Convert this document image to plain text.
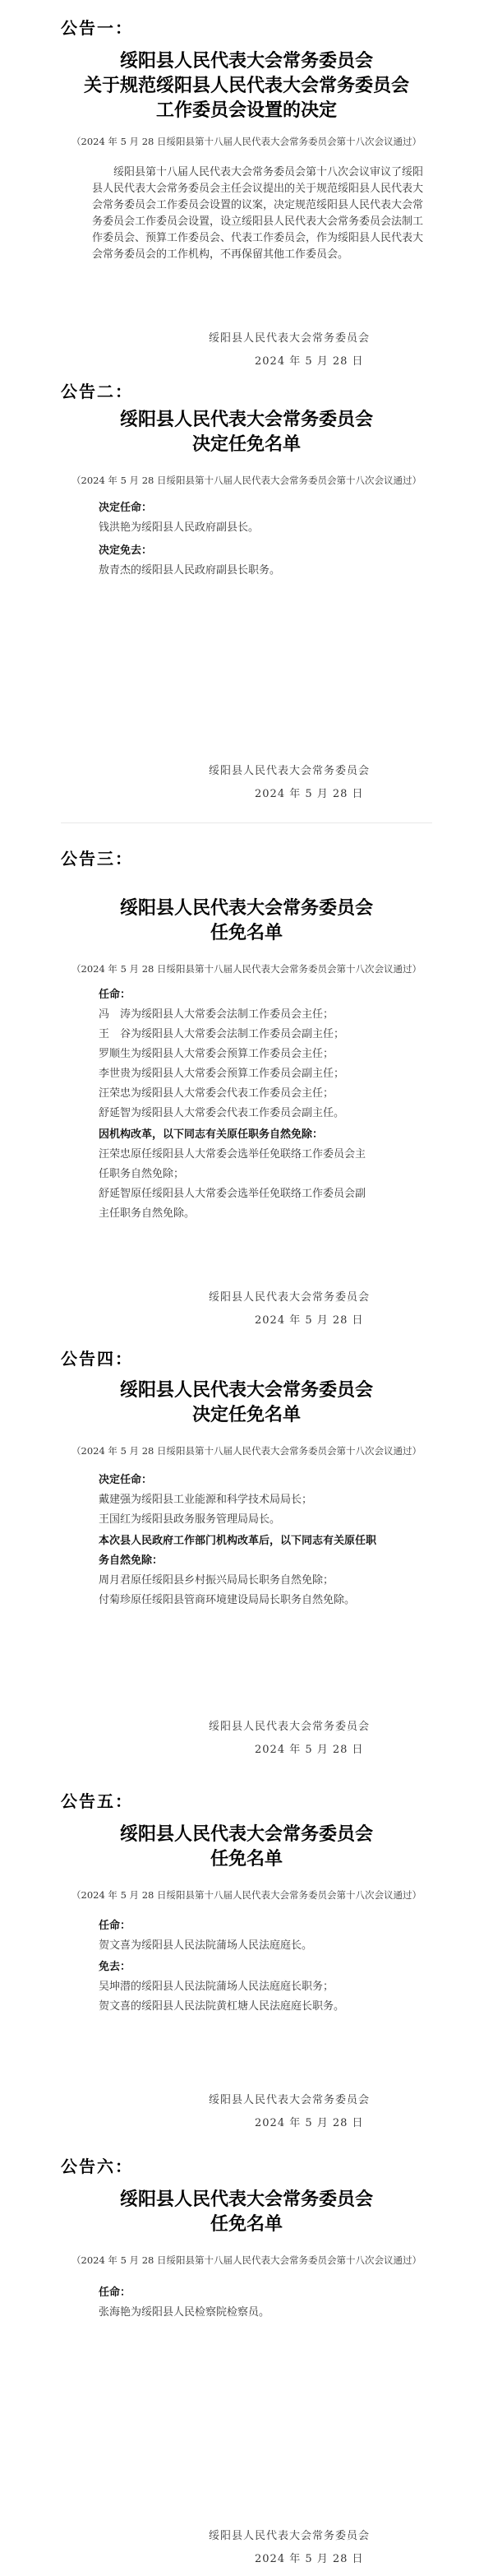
公告一：
绥阳县人民代表大会常务委员会
关于规范绥阳县人民代表大会常务委员会
工作委员会设置的决定
（2024 年 5 月 28 日绥阳县第十八届人民代表大会常务委员会第十八次会议通过）

绥阳县第十八届人民代表大会常务委员会第十八次会议审议了绥阳县人民代表大会常务委员会主任会议提出的关于规范绥阳县人民代表大会常务委员会工作委员会设置的议案，决定规范绥阳县人民代表大会常务委员会工作委员会设置，设立绥阳县人民代表大会常务委员会法制工作委员会、预算工作委员会、代表工作委员会，作为绥阳县人民代表大会常务委员会的工作机构，不再保留其他工作委员会。

绥阳县人民代表大会常务委员会
2024 年 5 月 28 日
公告二：
绥阳县人民代表大会常务委员会
决定任免名单
（2024 年 5 月 28 日绥阳县第十八届人民代表大会常务委员会第十八次会议通过）
决定任命：
钱洪艳为绥阳县人民政府副县长。
决定免去：
敖青杰的绥阳县人民政府副县长职务。
绥阳县人民代表大会常务委员会
2024 年 5 月 28 日
公告三：
绥阳县人民代表大会常务委员会
任免名单
（2024 年 5 月 28 日绥阳县第十八届人民代表大会常务委员会第十八次会议通过）
任命：
冯　涛为绥阳县人大常委会法制工作委员会主任；
王　谷为绥阳县人大常委会法制工作委员会副主任；
罗顺生为绥阳县人大常委会预算工作委员会主任；
李世贵为绥阳县人大常委会预算工作委员会副主任；
汪荣忠为绥阳县人大常委会代表工作委员会主任；
舒延智为绥阳县人大常委会代表工作委员会副主任。
因机构改革，以下同志有关原任职务自然免除：
汪荣忠原任绥阳县人大常委会选举任免联络工作委员会主
任职务自然免除；
舒延智原任绥阳县人大常委会选举任免联络工作委员会副
主任职务自然免除。
绥阳县人民代表大会常务委员会
2024 年 5 月 28 日
公告四：
绥阳县人民代表大会常务委员会
决定任免名单
（2024 年 5 月 28 日绥阳县第十八届人民代表大会常务委员会第十八次会议通过）
决定任命：
戴建强为绥阳县工业能源和科学技术局局长；
王国红为绥阳县政务服务管理局局长。
本次县人民政府工作部门机构改革后，以下同志有关原任职
务自然免除：
周月君原任绥阳县乡村振兴局局长职务自然免除；
付菊珍原任绥阳县管商环境建设局局长职务自然免除。
绥阳县人民代表大会常务委员会
2024 年 5 月 28 日
公告五：
绥阳县人民代表大会常务委员会
任免名单
（2024 年 5 月 28 日绥阳县第十八届人民代表大会常务委员会第十八次会议通过）
任命：
贺文喜为绥阳县人民法院蒲场人民法庭庭长。
免去：
吴坤潜的绥阳县人民法院蒲场人民法庭庭长职务；
贺文喜的绥阳县人民法院黄杠塘人民法庭庭长职务。
绥阳县人民代表大会常务委员会
2024 年 5 月 28 日
公告六：
绥阳县人民代表大会常务委员会
任免名单
（2024 年 5 月 28 日绥阳县第十八届人民代表大会常务委员会第十八次会议通过）
任命：
张海艳为绥阳县人民检察院检察员。
绥阳县人民代表大会常务委员会
2024 年 5 月 28 日
